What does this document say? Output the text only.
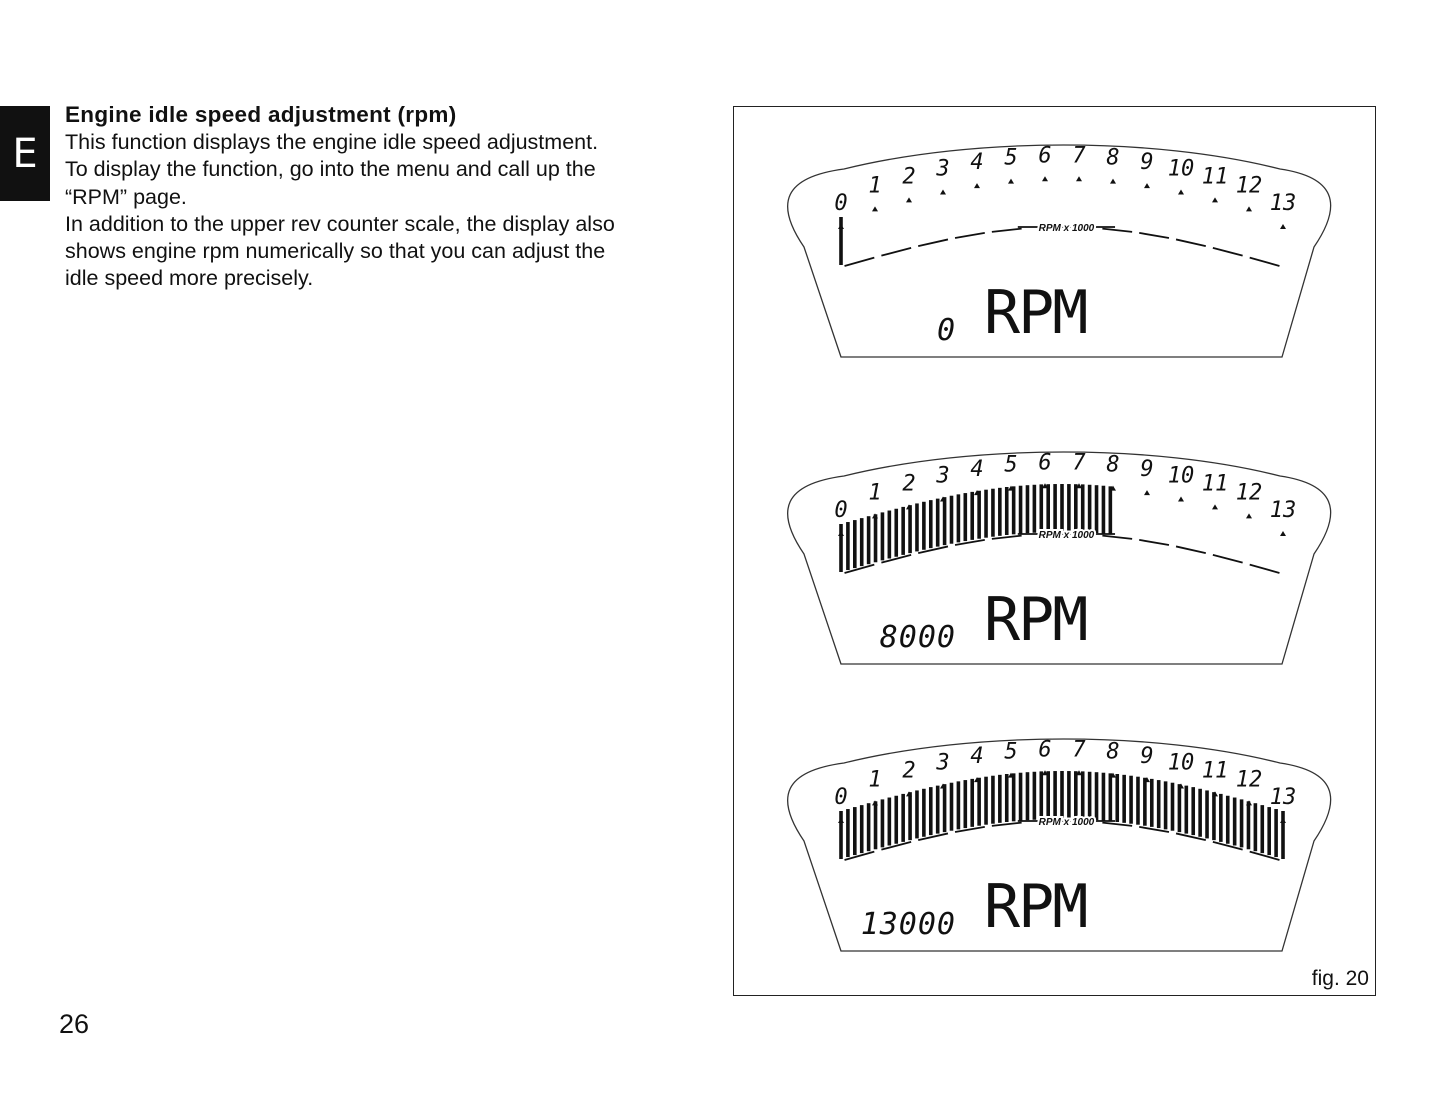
E

Engine idle speed adjustment (rpm)

This function displays the engine idle speed adjustment.

To display the function, go into the menu and call up the

“RPM” page.

In addition to the upper rev counter scale, the display also

shows engine rpm numerically so that you can adjust the

idle speed more precisely.

RPM x 1000
0
1 2 3 4 5 6 7 8 9 10 11 12
13
0 RPM
RPM x 1000
0
1 2 3 4 5 6 7 8 9 10 11 12
13
8000 RPM
RPM x 1000
0
1 2 3 4 5 6 7 8 9 10 11 12
13
13000 RPM
fig. 20
26
